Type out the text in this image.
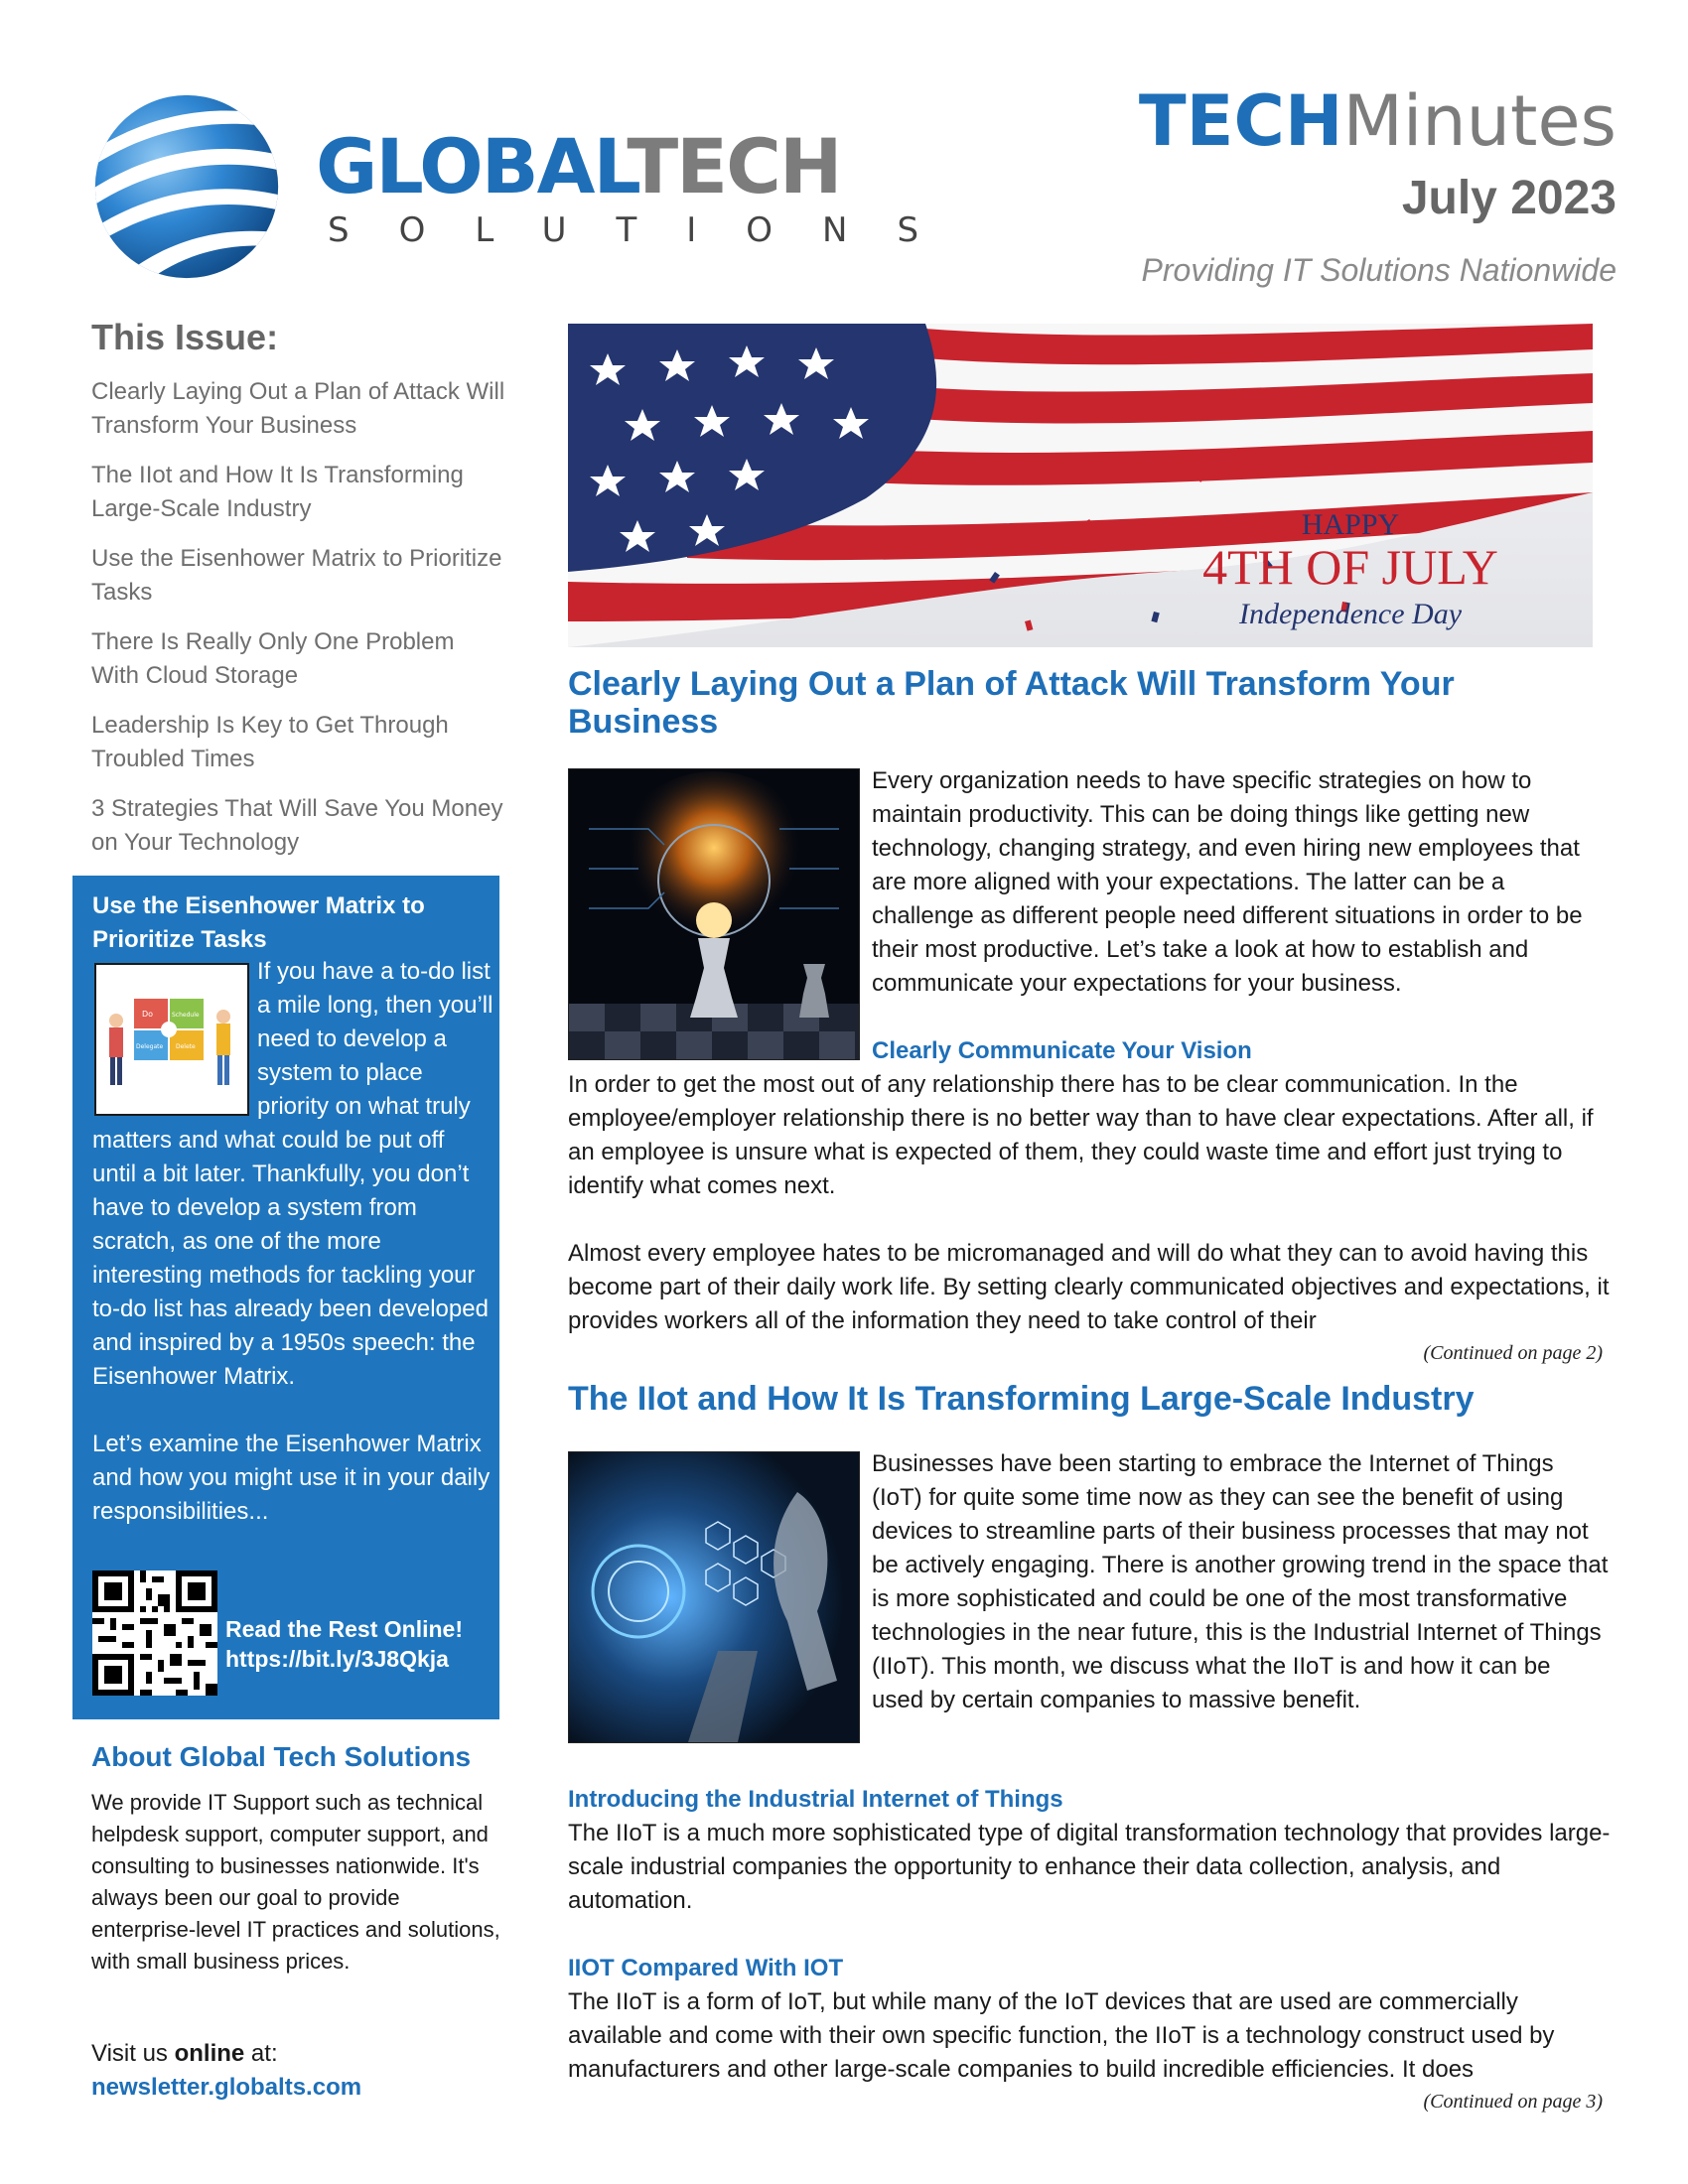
GLOBALTECH
SOLUTIONS
TECHMinutes
July 2023
Providing IT Solutions Nationwide
This Issue:
Clearly Laying Out a Plan of Attack Will Transform Your Business
The IIot and How It Is Transforming Large-Scale Industry
Use the Eisenhower Matrix to Prioritize Tasks
There Is Really Only One Problem With Cloud Storage
Leadership Is Key to Get Through Troubled Times
3 Strategies That Will Save You Money on Your Technology
Use the Eisenhower Matrix to Prioritize Tasks

If you have a to-do list a mile long, then you’ll need to develop a system to place priority on what truly matters and what could be put off until a bit later. Thankfully, you don’t have to develop a system from scratch, as one of the more interesting methods for tackling your to-do list has already been developed and inspired by a 1950s speech: the Eisenhower Matrix.

Let’s examine the Eisenhower Matrix and how you might use it in your daily responsibilities...

Do	Schedule
Delegate Delete
Read the Rest Online!
https://bit.ly/3J8Qkja
About Global Tech Solutions
We provide IT Support such as technical helpdesk support, computer support, and consulting to businesses nationwide. It's always been our goal to provide enterprise-level IT practices and solutions, with small business prices.
Visit us online at:
newsletter.globalts.com
HAPPY
4TH OF JULY
Independence Day
Clearly Laying Out a Plan of Attack Will Transform Your Business
Every organization needs to have specific strategies on how to maintain productivity. This can be doing things like getting new technology, changing strategy, and even hiring new employees that are more aligned with your expectations. The latter can be a challenge as different people need different situations in order to be their most productive. Let’s take a look at how to establish and communicate your expectations for your business.
Clearly Communicate Your Vision
In order to get the most out of any relationship there has to be clear communication. In the employee/employer relationship there is no better way than to have clear expectations. After all, if an employee is unsure what is expected of them, they could waste time and effort just trying to identify what comes next.
Almost every employee hates to be micromanaged and will do what they can to avoid having this become part of their daily work life. By setting clearly communicated objectives and expectations, it provides workers all of the information they need to take control of their
(Continued on page 2)
The IIot and How It Is Transforming Large-Scale Industry
Businesses have been starting to embrace the Internet of Things (IoT) for quite some time now as they can see the benefit of using devices to streamline parts of their business processes that may not be actively engaging. There is another growing trend in the space that is more sophisticated and could be one of the most transformative technologies in the near future, this is the Industrial Internet of Things (IIoT). This month, we discuss what the IIoT is and how it can be used by certain companies to massive benefit.
Introducing the Industrial Internet of Things
The IIoT is a much more sophisticated type of digital transformation technology that provides large-scale industrial companies the opportunity to enhance their data collection, analysis, and automation.
IIOT Compared With IOT
The IIoT is a form of IoT, but while many of the IoT devices that are used are commercially available and come with their own specific function, the IIoT is a technology construct used by manufacturers and other large-scale companies to build incredible efficiencies. It does
(Continued on page 3)
